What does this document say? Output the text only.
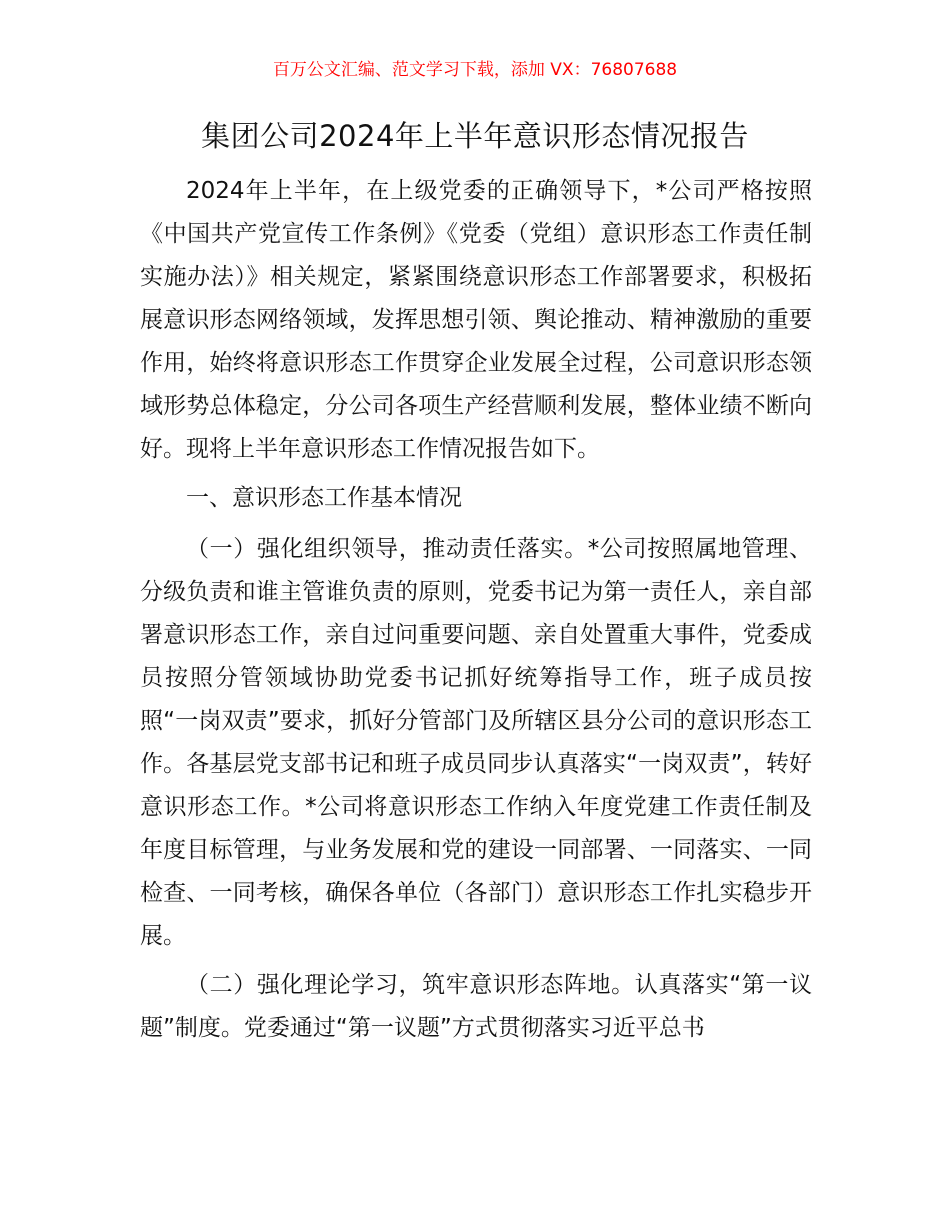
百万公文汇编、范文学习下载，添加 VX：76807688
集团公司2024年上半年意识形态情况报告

2024年上半年，在上级党委的正确领导下，*公司严格按照《中国共产党宣传工作条例》《党委（党组）意识形态工作责任制实施办法）》相关规定，紧紧围绕意识形态工作部署要求，积极拓展意识形态网络领域，发挥思想引领、舆论推动、精神激励的重要作用，始终将意识形态工作贯穿企业发展全过程，公司意识形态领域形势总体稳定，分公司各项生产经营顺利发展，整体业绩不断向好。现将上半年意识形态工作情况报告如下。

一、意识形态工作基本情况

（一）强化组织领导，推动责任落实。*公司按照属地管理、分级负责和谁主管谁负责的原则，党委书记为第一责任人，亲自部署意识形态工作，亲自过问重要问题、亲自处置重大事件，党委成员按照分管领域协助党委书记抓好统筹指导工作，班子成员按照“一岗双责”要求，抓好分管部门及所辖区县分公司的意识形态工作。各基层党支部书记和班子成员同步认真落实“一岗双责”，转好意识形态工作。*公司将意识形态工作纳入年度党建工作责任制及年度目标管理，与业务发展和党的建设一同部署、一同落实、一同检查、一同考核，确保各单位（各部门）意识形态工作扎实稳步开展。

（二）强化理论学习，筑牢意识形态阵地。认真落实“第一议题”制度。党委通过“第一议题”方式贯彻落实习近平总书
